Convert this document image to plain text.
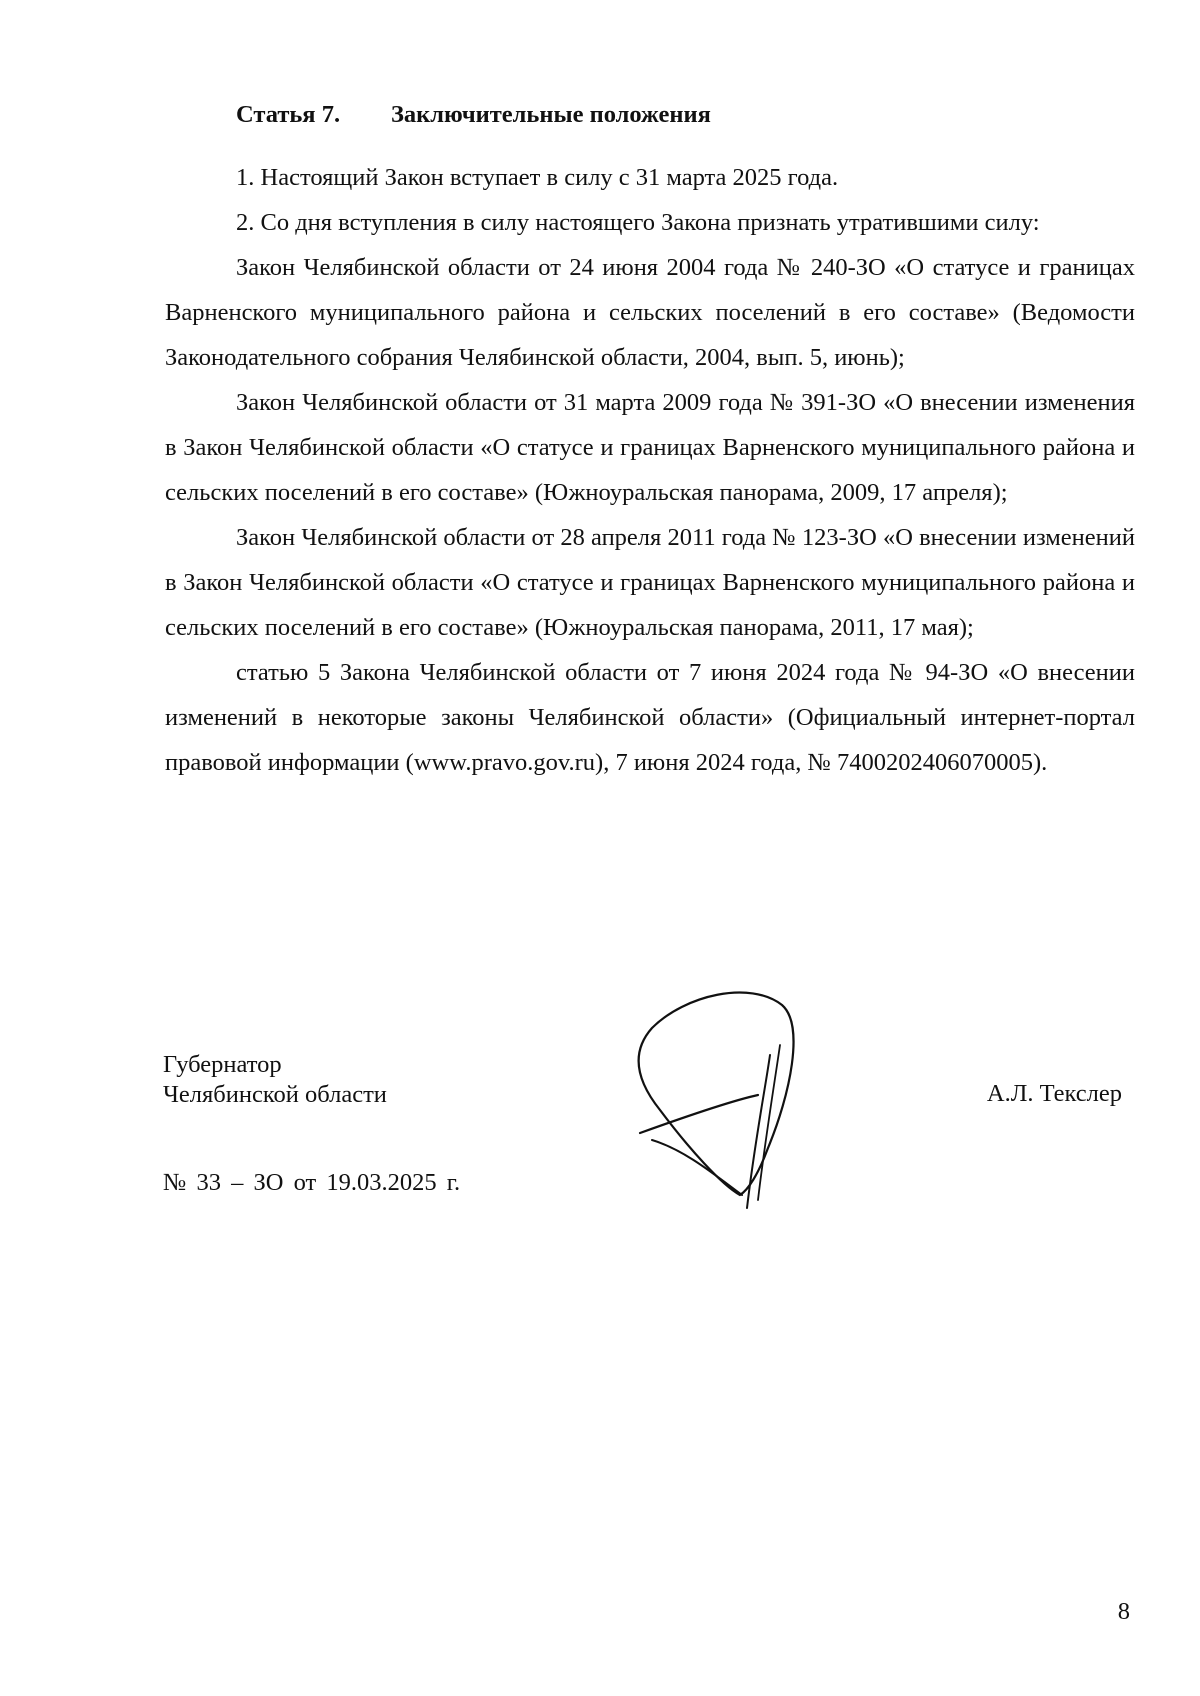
Статья 7. Заключительные положения

1. Настоящий Закон вступает в силу с 31 марта 2025 года.

2. Со дня вступления в силу настоящего Закона признать утратившими силу:

Закон Челябинской области от 24 июня 2004 года № 240-ЗО «О статусе и границах Варненского муниципального района и сельских поселений в его составе» (Ведомости Законодательного собрания Челябинской области, 2004, вып. 5, июнь);

Закон Челябинской области от 31 марта 2009 года № 391-ЗО «О внесении изменения в Закон Челябинской области «О статусе и границах Варненского муниципального района и сельских поселений в его составе» (Южноуральская панорама, 2009, 17 апреля);

Закон Челябинской области от 28 апреля 2011 года № 123-ЗО «О внесении изменений в Закон Челябинской области «О статусе и границах Варненского муниципального района и сельских поселений в его составе» (Южноуральская панорама, 2011, 17 мая);

статью 5 Закона Челябинской области от 7 июня 2024 года № 94-ЗО «О внесении изменений в некоторые законы Челябинской области» (Официальный интернет-портал правовой информации (www.pravo.gov.ru), 7 июня 2024 года, № 7400202406070005).

Губернатор
Челябинской области	А.Л. Текслер
№ 33 – ЗО от 19.03.2025 г.
8
